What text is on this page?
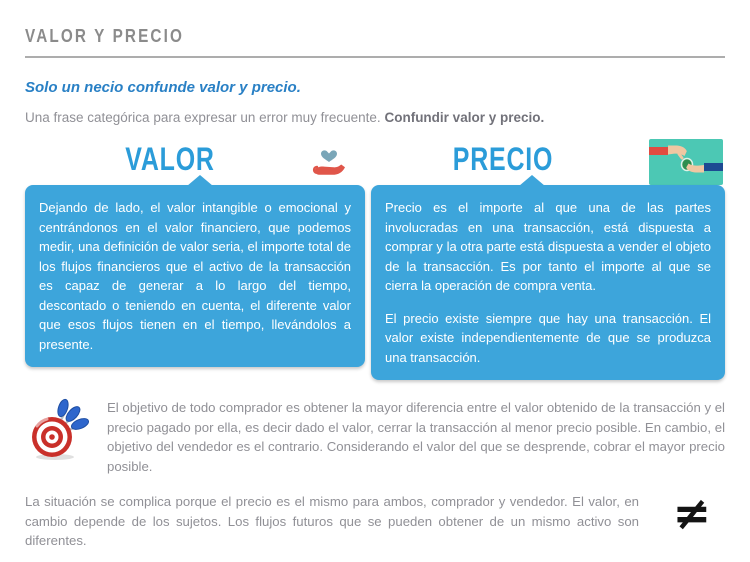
VALOR Y PRECIO

Solo un necio confunde valor y precio.

Una frase categórica para expresar un error muy frecuente. Confundir valor y precio.

VALOR

Dejando de lado, el valor intangible o emocional y centrándonos en el valor financiero, que podemos medir, una definición de valor seria, el importe total de los flujos financieros que el activo de la transacción es capaz de generar a lo largo del tiempo, descontado o teniendo en cuenta, el diferente valor que esos flujos tienen en el tiempo, llevándolos a presente.

PRECIO

Precio es el importe al que una de las partes involucradas en una transacción, está dispuesta a comprar y la otra parte está dispuesta a vender el objeto de la transacción. Es por tanto el importe al que se cierra la operación de compra venta.

El precio existe siempre que hay una transacción. El valor existe independientemente de que se produzca una transacción.

El objetivo de todo comprador es obtener la mayor diferencia entre el valor obtenido de la transacción y el precio pagado por ella, es decir dado el valor, cerrar la transacción al menor precio posible. En cambio, el objetivo del vendedor es el contrario. Considerando el valor del que se desprende, cobrar el mayor precio posible.

La situación se complica porque el precio es el mismo para ambos, comprador y vendedor. El valor, en cambio depende de los sujetos. Los flujos futuros que se pueden obtener de un mismo activo son diferentes.

≠
